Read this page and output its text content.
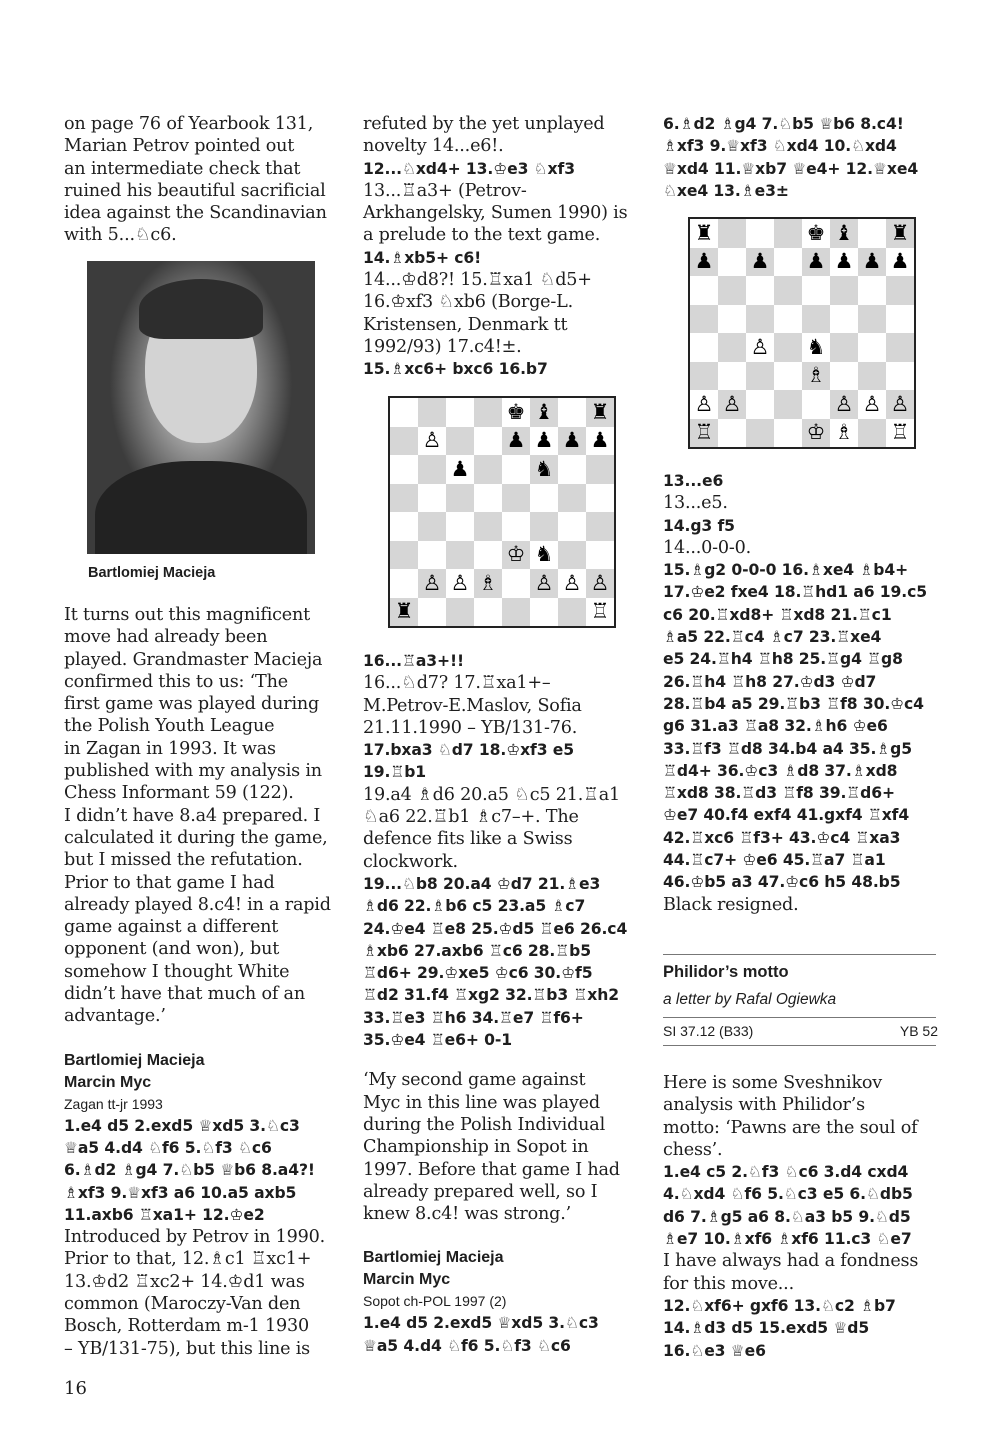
on page 76 of Yearbook 131,
Marian Petrov pointed out
an intermediate check that
ruined his beautiful sacrificial
idea against the Scandinavian
with 5...♘c6.

Bartlomiej Macieja

It turns out this magnificent
move had already been
played. Grandmaster Macieja
confirmed this to us: ‘The
first game was played during
the Polish Youth League
in Zagan in 1993. It was
published with my analysis in
Chess Informant 59 (122).
I didn’t have 8.a4 prepared. I
calculated it during the game,
but I missed the refutation.
Prior to that game I had
already played 8.c4! in a rapid
game against a different
opponent (and won), but
somehow I thought White
didn’t have that much of an
advantage.’

Bartlomiej Macieja

Marcin Myc

Zagan tt-jr 1993

1.e4 d5 2.exd5 ♕xd5 3.♘c3
♕a5 4.d4 ♘f6 5.♘f3 ♘c6
6.♗d2 ♗g4 7.♘b5 ♕b6 8.a4?!
♗xf3 9.♕xf3 a6 10.a5 axb5
11.axb6 ♖xa1+ 12.♔e2

Introduced by Petrov in 1990.
Prior to that, 12.♗c1 ♖xc1+
13.♔d2 ♖xc2+ 14.♔d1 was
common (Maroczy-Van den
Bosch, Rotterdam m-1 1930
– YB/131-75), but this line is

refuted by the yet unplayed
novelty 14...e6!.

12...♘xd4+ 13.♔e3 ♘xf3

13...♖a3+ (Petrov-
Arkhangelsky, Sumen 1990) is
a prelude to the text game.

14.♗xb5+ c6!

14...♔d8?! 15.♖xa1 ♘d5+
16.♔xf3 ♘xb6 (Borge-L.
Kristensen, Denmark tt
1992/93) 17.c4!±.

15.♗xc6+ bxc6 16.b7

♚ ♝ ♜
♙	♟ ♟ ♟ ♟
♟	♞
♔ ♞
♙ ♙ ♗ ♙ ♙ ♙
♜	♖

16...♖a3+!!

16...♘d7? 17.♖xa1+–
M.Petrov-E.Maslov, Sofia
21.11.1990 – YB/131-76.

17.bxa3 ♘d7 18.♔xf3 e5
19.♖b1

19.a4 ♗d6 20.a5 ♘c5 21.♖a1
♘a6 22.♖b1 ♗c7–+. The
defence fits like a Swiss
clockwork.

19...♘b8 20.a4 ♔d7 21.♗e3
♗d6 22.♗b6 c5 23.a5 ♗c7
24.♔e4 ♖e8 25.♔d5 ♖e6 26.c4
♗xb6 27.axb6 ♖c6 28.♖b5
♖d6+ 29.♔xe5 ♔c6 30.♔f5
♖d2 31.f4 ♖xg2 32.♖b3 ♖xh2
33.♖e3 ♖h6 34.♖e7 ♖f6+
35.♔e4 ♖e6+ 0-1

‘My second game against
Myc in this line was played
during the Polish Individual
Championship in Sopot in
1997. Before that game I had
already prepared well, so I
knew 8.c4! was strong.’

Bartlomiej Macieja

Marcin Myc

Sopot ch-POL 1997 (2)

1.e4 d5 2.exd5 ♕xd5 3.♘c3
♕a5 4.d4 ♘f6 5.♘f3 ♘c6

6.♗d2 ♗g4 7.♘b5 ♕b6 8.c4!
♗xf3 9.♕xf3 ♘xd4 10.♘xd4
♕xd4 11.♕xb7 ♕e4+ 12.♕xe4
♘xe4 13.♗e3±

♜	♚ ♝ ♜
♟ ♟ ♟ ♟ ♟ ♟
♙ ♞
♗
♙ ♙	♙ ♙ ♙
♖	♔ ♗ ♖

13...e6

13...e5.

14.g3 f5

14...0-0-0.

15.♗g2 0-0-0 16.♗xe4 ♗b4+
17.♔e2 fxe4 18.♖hd1 a6 19.c5
c6 20.♖xd8+ ♖xd8 21.♖c1
♗a5 22.♖c4 ♗c7 23.♖xe4
e5 24.♖h4 ♖h8 25.♖g4 ♖g8
26.♖h4 ♖h8 27.♔d3 ♔d7
28.♖b4 a5 29.♖b3 ♖f8 30.♔c4
g6 31.a3 ♖a8 32.♗h6 ♔e6
33.♖f3 ♖d8 34.b4 a4 35.♗g5
♖d4+ 36.♔c3 ♗d8 37.♗xd8
♖xd8 38.♖d3 ♖f8 39.♖d6+
♔e7 40.f4 exf4 41.gxf4 ♖xf4
42.♖xc6 ♖f3+ 43.♔c4 ♖xa3
44.♖c7+ ♔e6 45.♖a7 ♖a1
46.♔b5 a3 47.♔c6 h5 48.b5

Black resigned.

Philidor’s motto

a letter by Rafal Ogiewka

SI 37.12 (B33)	YB 52

Here is some Sveshnikov
analysis with Philidor’s
motto: ‘Pawns are the soul of
chess’.

1.e4 c5 2.♘f3 ♘c6 3.d4 cxd4
4.♘xd4 ♘f6 5.♘c3 e5 6.♘db5
d6 7.♗g5 a6 8.♘a3 b5 9.♘d5
♗e7 10.♗xf6 ♗xf6 11.c3 ♘e7

I have always had a fondness
for this move...

12.♘xf6+ gxf6 13.♘c2 ♗b7
14.♗d3 d5 15.exd5 ♕d5
16.♘e3 ♕e6

16
